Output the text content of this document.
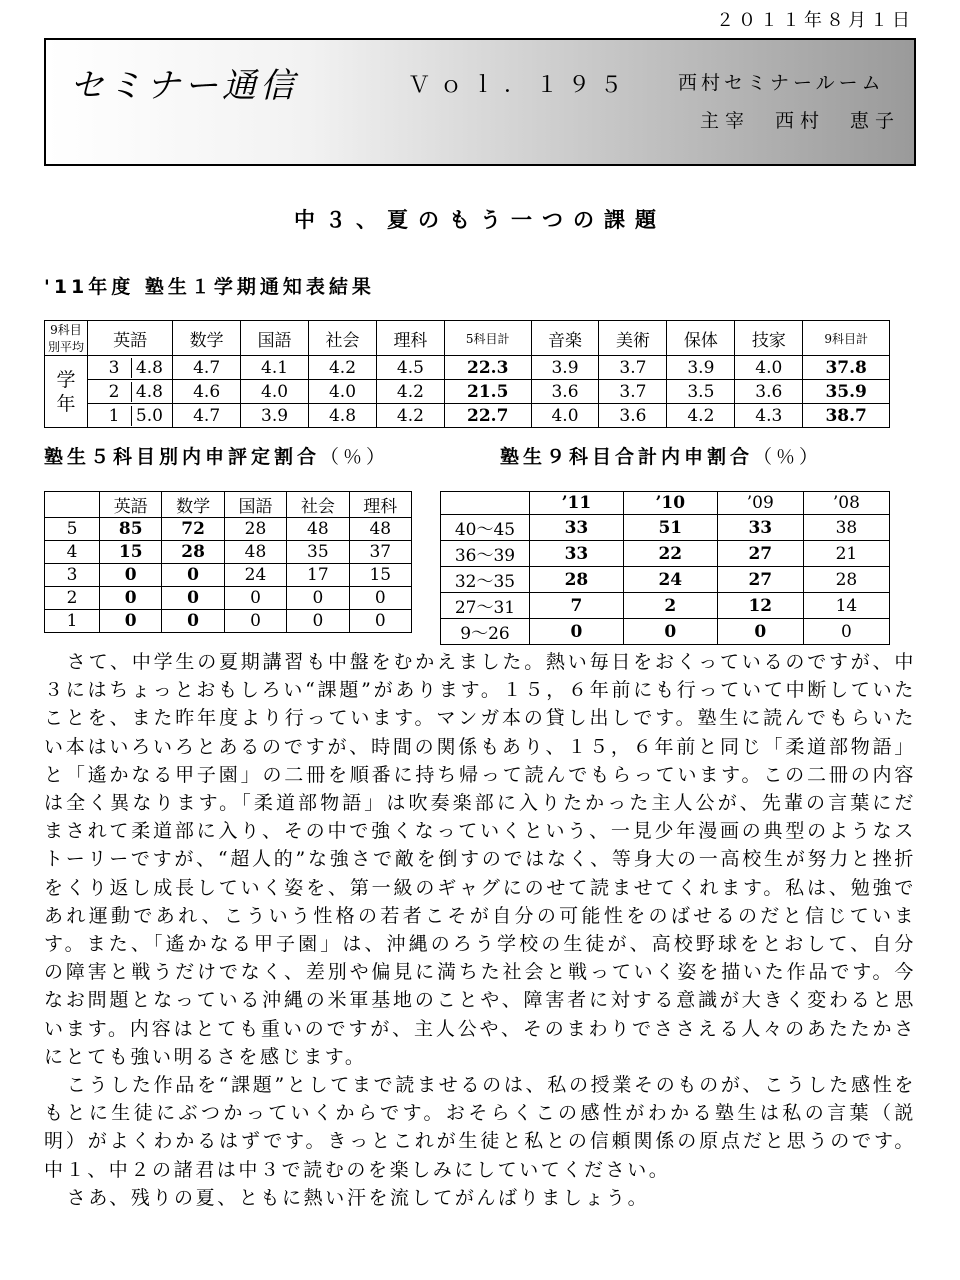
２０１１年８月１日
セミナー通信	Ｖｏｌ．１９５ 西村セミナールーム
主宰　西村　恵子
中３、夏のもう一つの課題
'11年度 塾生１学期通知表結果
9科目別平均	英語	数学	国語	社会	理科	5科目計	音楽	美術	保体	技家	9科目計

学年	3 4.8	4.7	4.1	4.2	4.5	22.3	3.9	3.7	3.9	4.0	37.8
	2 4.8	4.6	4.0	4.0	4.2	21.5	3.6	3.7	3.5	3.6	35.9
	1 5.0	4.7	3.9	4.8	4.2	22.7	4.0	3.6	4.2	4.3	38.7
塾生５科目別内申評定割合（％）	塾生９科目合計内申割合（％）
	英語	数学	国語	社会	理科
5	85	72	28	48	48
4	15	28	48	35	37
3	0	0	24	17	15
2	0	0	0	0	0
1	0	0	0	0	0
	’11	’10	’09	’08
40～45	33	51	33	38
36～39	33	22	27	21
32～35	28	24	27	28
27～31	7	2	12	14
9～26	0	0	0	0

さて、中学生の夏期講習も中盤をむかえました。熱い毎日をおくっているのですが、中３にはちょっとおもしろい“課題”があります。１５，６年前にも行っていて中断していたことを、また昨年度より行っています。マンガ本の貸し出しです。塾生に読んでもらいたい本はいろいろとあるのですが、時間の関係もあり、１５，６年前と同じ「柔道部物語」と「遙かなる甲子園」の二冊を順番に持ち帰って読んでもらっています。この二冊の内容は全く異なります。「柔道部物語」は吹奏楽部に入りたかった主人公が、先輩の言葉にだまされて柔道部に入り、その中で強くなっていくという、一見少年漫画の典型のようなストーリーですが、“超人的”な強さで敵を倒すのではなく、等身大の一高校生が努力と挫折をくり返し成長していく姿を、第一級のギャグにのせて読ませてくれます。私は、勉強であれ運動であれ、こういう性格の若者こそが自分の可能性をのばせるのだと信じています。また、「遙かなる甲子園」は、沖縄のろう学校の生徒が、高校野球をとおして、自分の障害と戦うだけでなく、差別や偏見に満ちた社会と戦っていく姿を描いた作品です。今なお問題となっている沖縄の米軍基地のことや、障害者に対する意識が大きく変わると思います。内容はとても重いのですが、主人公や、そのまわりでささえる人々のあたたかさにとても強い明るさを感じます。

こうした作品を“課題”としてまで読ませるのは、私の授業そのものが、こうした感性をもとに生徒にぶつかっていくからです。おそらくこの感性がわかる塾生は私の言葉（説明）がよくわかるはずです。きっとこれが生徒と私との信頼関係の原点だと思うのです。中１、中２の諸君は中３で読むのを楽しみにしていてください。

さあ、残りの夏、ともに熱い汗を流してがんばりましょう。
